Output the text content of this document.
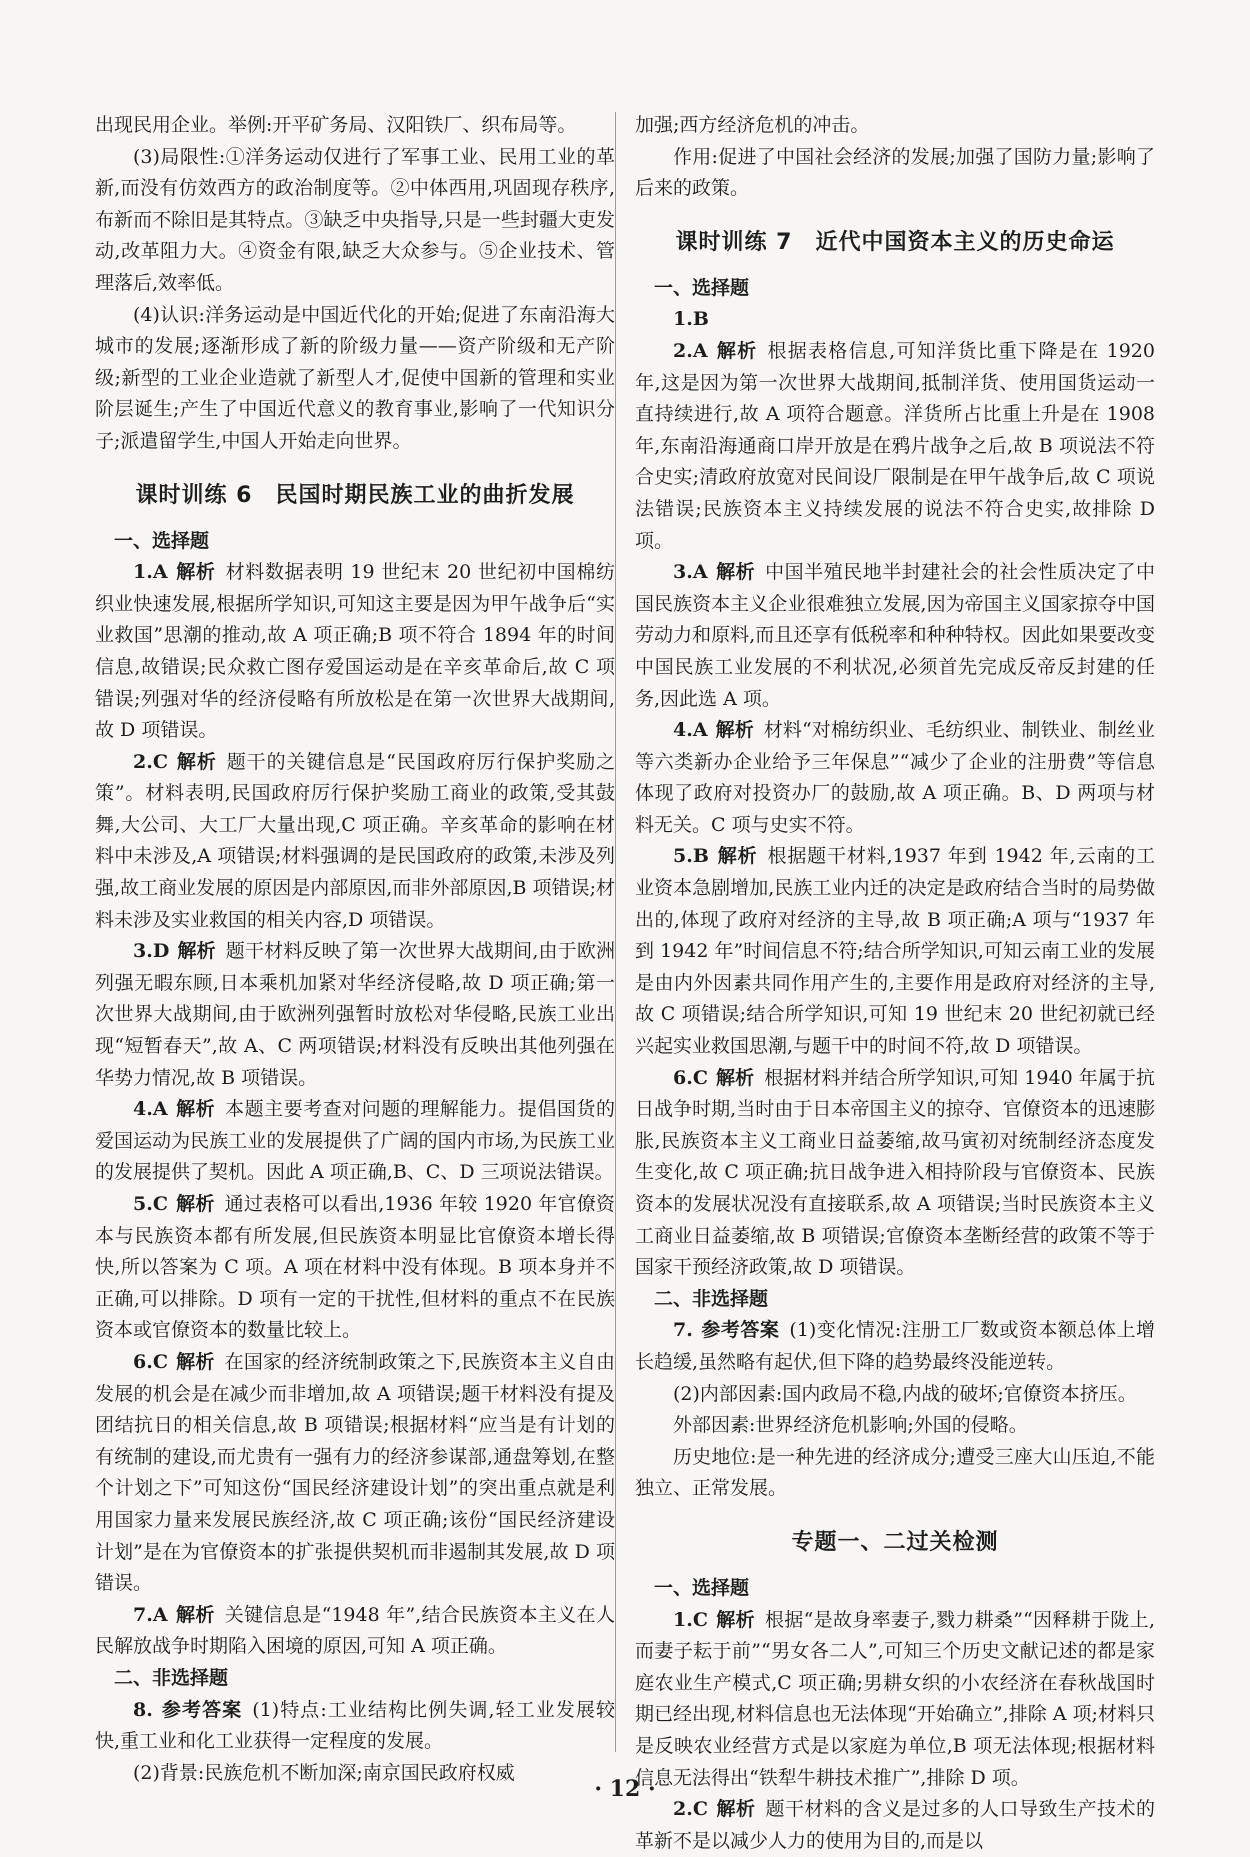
出现民用企业。举例:开平矿务局、汉阳铁厂、织布局等。

(3)局限性:①洋务运动仅进行了军事工业、民用工业的革新,而没有仿效西方的政治制度等。②中体西用,巩固现存秩序,布新而不除旧是其特点。③缺乏中央指导,只是一些封疆大吏发动,改革阻力大。④资金有限,缺乏大众参与。⑤企业技术、管理落后,效率低。

(4)认识:洋务运动是中国近代化的开始;促进了东南沿海大城市的发展;逐渐形成了新的阶级力量——资产阶级和无产阶级;新型的工业企业造就了新型人才,促使中国新的管理和实业阶层诞生;产生了中国近代意义的教育事业,影响了一代知识分子;派遣留学生,中国人开始走向世界。

课时训练 6　民国时期民族工业的曲折发展
一、选择题

1.A 解析 材料数据表明 19 世纪末 20 世纪初中国棉纺织业快速发展,根据所学知识,可知这主要是因为甲午战争后“实业救国”思潮的推动,故 A 项正确;B 项不符合 1894 年的时间信息,故错误;民众救亡图存爱国运动是在辛亥革命后,故 C 项错误;列强对华的经济侵略有所放松是在第一次世界大战期间,故 D 项错误。

2.C 解析 题干的关键信息是“民国政府厉行保护奖励之策”。材料表明,民国政府厉行保护奖励工商业的政策,受其鼓舞,大公司、大工厂大量出现,C 项正确。辛亥革命的影响在材料中未涉及,A 项错误;材料强调的是民国政府的政策,未涉及列强,故工商业发展的原因是内部原因,而非外部原因,B 项错误;材料未涉及实业救国的相关内容,D 项错误。

3.D 解析 题干材料反映了第一次世界大战期间,由于欧洲列强无暇东顾,日本乘机加紧对华经济侵略,故 D 项正确;第一次世界大战期间,由于欧洲列强暂时放松对华侵略,民族工业出现“短暂春天”,故 A、C 两项错误;材料没有反映出其他列强在华势力情况,故 B 项错误。

4.A 解析 本题主要考查对问题的理解能力。提倡国货的爱国运动为民族工业的发展提供了广阔的国内市场,为民族工业的发展提供了契机。因此 A 项正确,B、C、D 三项说法错误。

5.C 解析 通过表格可以看出,1936 年较 1920 年官僚资本与民族资本都有所发展,但民族资本明显比官僚资本增长得快,所以答案为 C 项。A 项在材料中没有体现。B 项本身并不正确,可以排除。D 项有一定的干扰性,但材料的重点不在民族资本或官僚资本的数量比较上。

6.C 解析 在国家的经济统制政策之下,民族资本主义自由发展的机会是在减少而非增加,故 A 项错误;题干材料没有提及团结抗日的相关信息,故 B 项错误;根据材料“应当是有计划的有统制的建设,而尤贵有一强有力的经济参谋部,通盘筹划,在整个计划之下”可知这份“国民经济建设计划”的突出重点就是利用国家力量来发展民族经济,故 C 项正确;该份“国民经济建设计划”是在为官僚资本的扩张提供契机而非遏制其发展,故 D 项错误。

7.A 解析 关键信息是“1948 年”,结合民族资本主义在人民解放战争时期陷入困境的原因,可知 A 项正确。

二、非选择题

8. 参考答案 (1)特点:工业结构比例失调,轻工业发展较快,重工业和化工业获得一定程度的发展。

(2)背景:民族危机不断加深;南京国民政府权威

加强;西方经济危机的冲击。

作用:促进了中国社会经济的发展;加强了国防力量;影响了后来的政策。

课时训练 7　近代中国资本主义的历史命运
一、选择题

1.B

2.A 解析 根据表格信息,可知洋货比重下降是在 1920 年,这是因为第一次世界大战期间,抵制洋货、使用国货运动一直持续进行,故 A 项符合题意。洋货所占比重上升是在 1908 年,东南沿海通商口岸开放是在鸦片战争之后,故 B 项说法不符合史实;清政府放宽对民间设厂限制是在甲午战争后,故 C 项说法错误;民族资本主义持续发展的说法不符合史实,故排除 D 项。

3.A 解析 中国半殖民地半封建社会的社会性质决定了中国民族资本主义企业很难独立发展,因为帝国主义国家掠夺中国劳动力和原料,而且还享有低税率和种种特权。因此如果要改变中国民族工业发展的不利状况,必须首先完成反帝反封建的任务,因此选 A 项。

4.A 解析 材料“对棉纺织业、毛纺织业、制铁业、制丝业等六类新办企业给予三年保息”“减少了企业的注册费”等信息体现了政府对投资办厂的鼓励,故 A 项正确。B、D 两项与材料无关。C 项与史实不符。

5.B 解析 根据题干材料,1937 年到 1942 年,云南的工业资本急剧增加,民族工业内迁的决定是政府结合当时的局势做出的,体现了政府对经济的主导,故 B 项正确;A 项与“1937 年到 1942 年”时间信息不符;结合所学知识,可知云南工业的发展是由内外因素共同作用产生的,主要作用是政府对经济的主导,故 C 项错误;结合所学知识,可知 19 世纪末 20 世纪初就已经兴起实业救国思潮,与题干中的时间不符,故 D 项错误。

6.C 解析 根据材料并结合所学知识,可知 1940 年属于抗日战争时期,当时由于日本帝国主义的掠夺、官僚资本的迅速膨胀,民族资本主义工商业日益萎缩,故马寅初对统制经济态度发生变化,故 C 项正确;抗日战争进入相持阶段与官僚资本、民族资本的发展状况没有直接联系,故 A 项错误;当时民族资本主义工商业日益萎缩,故 B 项错误;官僚资本垄断经营的政策不等于国家干预经济政策,故 D 项错误。

二、非选择题

7. 参考答案 (1)变化情况:注册工厂数或资本额总体上增长趋缓,虽然略有起伏,但下降的趋势最终没能逆转。

(2)内部因素:国内政局不稳,内战的破坏;官僚资本挤压。

外部因素:世界经济危机影响;外国的侵略。

历史地位:是一种先进的经济成分;遭受三座大山压迫,不能独立、正常发展。

专题一、二过关检测
一、选择题

1.C 解析 根据“是故身率妻子,戮力耕桑”“因释耕于陇上,而妻子耘于前”“男女各二人”,可知三个历史文献记述的都是家庭农业生产模式,C 项正确;男耕女织的小农经济在春秋战国时期已经出现,材料信息也无法体现“开始确立”,排除 A 项;材料只是反映农业经营方式是以家庭为单位,B 项无法体现;根据材料信息无法得出“铁犁牛耕技术推广”,排除 D 项。

2.C 解析 题干材料的含义是过多的人口导致生产技术的革新不是以减少人力的使用为目的,而是以

· 12 ·
